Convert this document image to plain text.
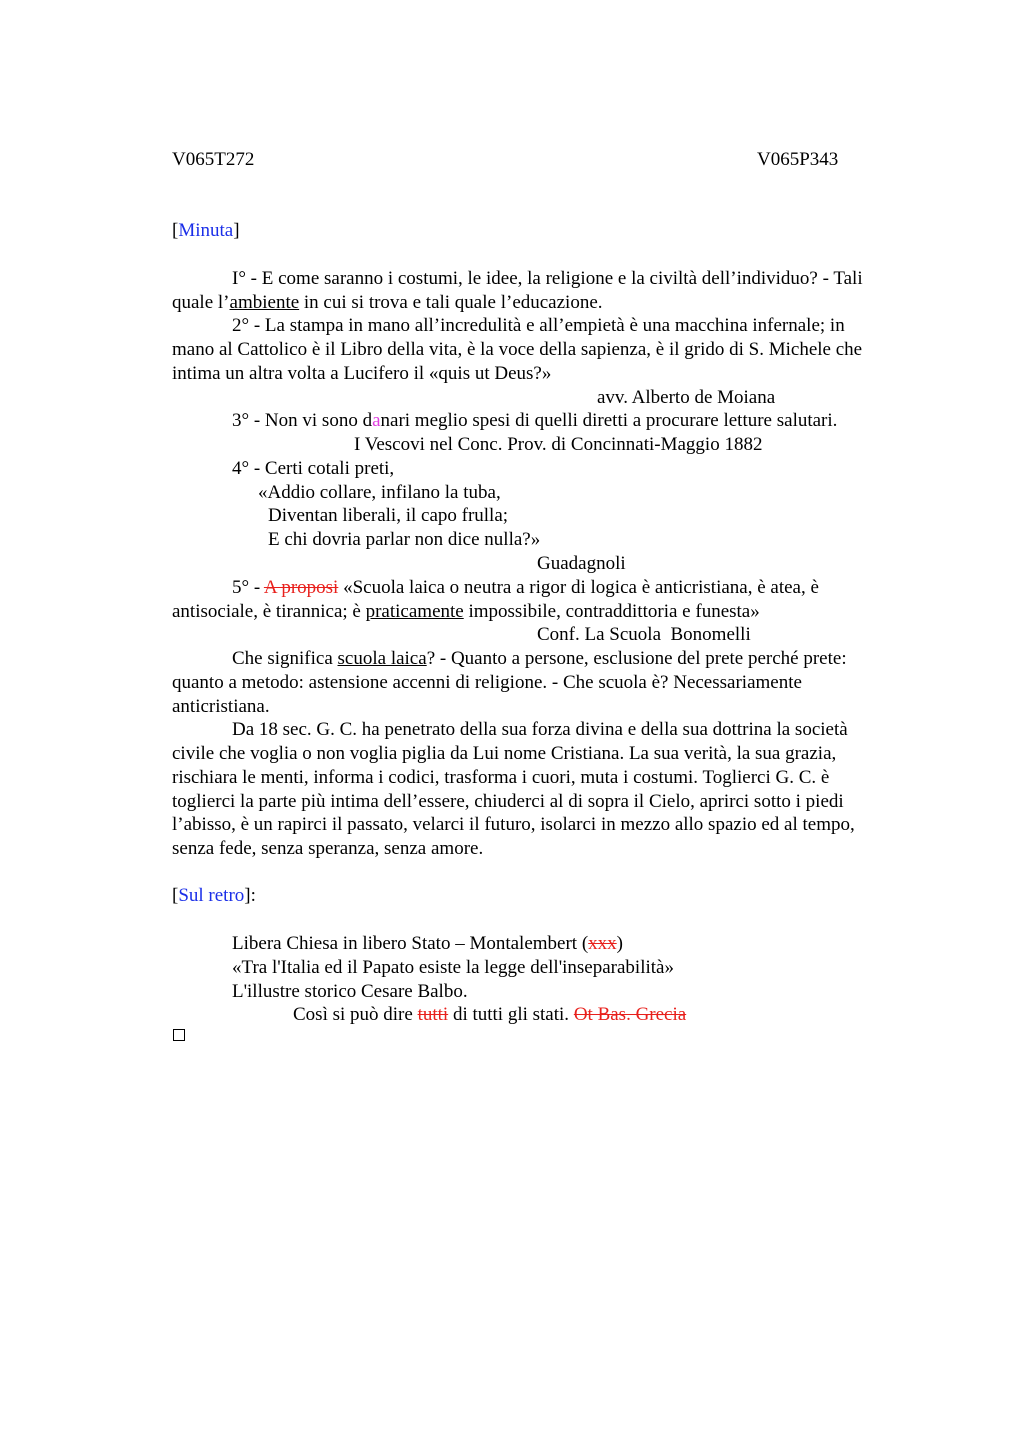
V065T272	V065P343
[Minuta]
I° - E come saranno i costumi, le idee, la religione e la civiltà dell’individuo? - Tali
quale l’ambiente in cui si trova e tali quale l’educazione.
2° - La stampa in mano all’incredulità e all’empietà è una macchina infernale; in
mano al Cattolico è il Libro della vita, è la voce della sapienza, è il grido di S. Michele che
intima un altra volta a Lucifero il «quis ut Deus?»
avv. Alberto de Moiana
3° - Non vi sono danari meglio spesi di quelli diretti a procurare letture salutari.
I Vescovi nel Conc. Prov. di Concinnati-Maggio 1882
4° - Certi cotali preti,
«Addio collare, infilano la tuba,
Diventan liberali, il capo frulla;
E chi dovria parlar non dice nulla?»
Guadagnoli
5° - A proposi «Scuola laica o neutra a rigor di logica è anticristiana, è atea, è
antisociale, è tirannica; è praticamente impossibile, contraddittoria e funesta»
Conf. La Scuola  Bonomelli
Che significa scuola laica? - Quanto a persone, esclusione del prete perché prete:
quanto a metodo: astensione accenni di religione. - Che scuola è? Necessariamente
anticristiana.
Da 18 sec. G. C. ha penetrato della sua forza divina e della sua dottrina la società
civile che voglia o non voglia piglia da Lui nome Cristiana. La sua verità, la sua grazia,
rischiara le menti, informa i codici, trasforma i cuori, muta i costumi. Toglierci G. C. è
toglierci la parte più intima dell’essere, chiuderci al di sopra il Cielo, aprirci sotto i piedi
l’abisso, è un rapirci il passato, velarci il futuro, isolarci in mezzo allo spazio ed al tempo,
senza fede, senza speranza, senza amore.
[Sul retro]:
Libera Chiesa in libero Stato – Montalembert (xxx)
«Tra l'Italia ed il Papato esiste la legge dell'inseparabilità»
L'illustre storico Cesare Balbo.
Così si può dire tutti di tutti gli stati. Ot Bas. Grecia
